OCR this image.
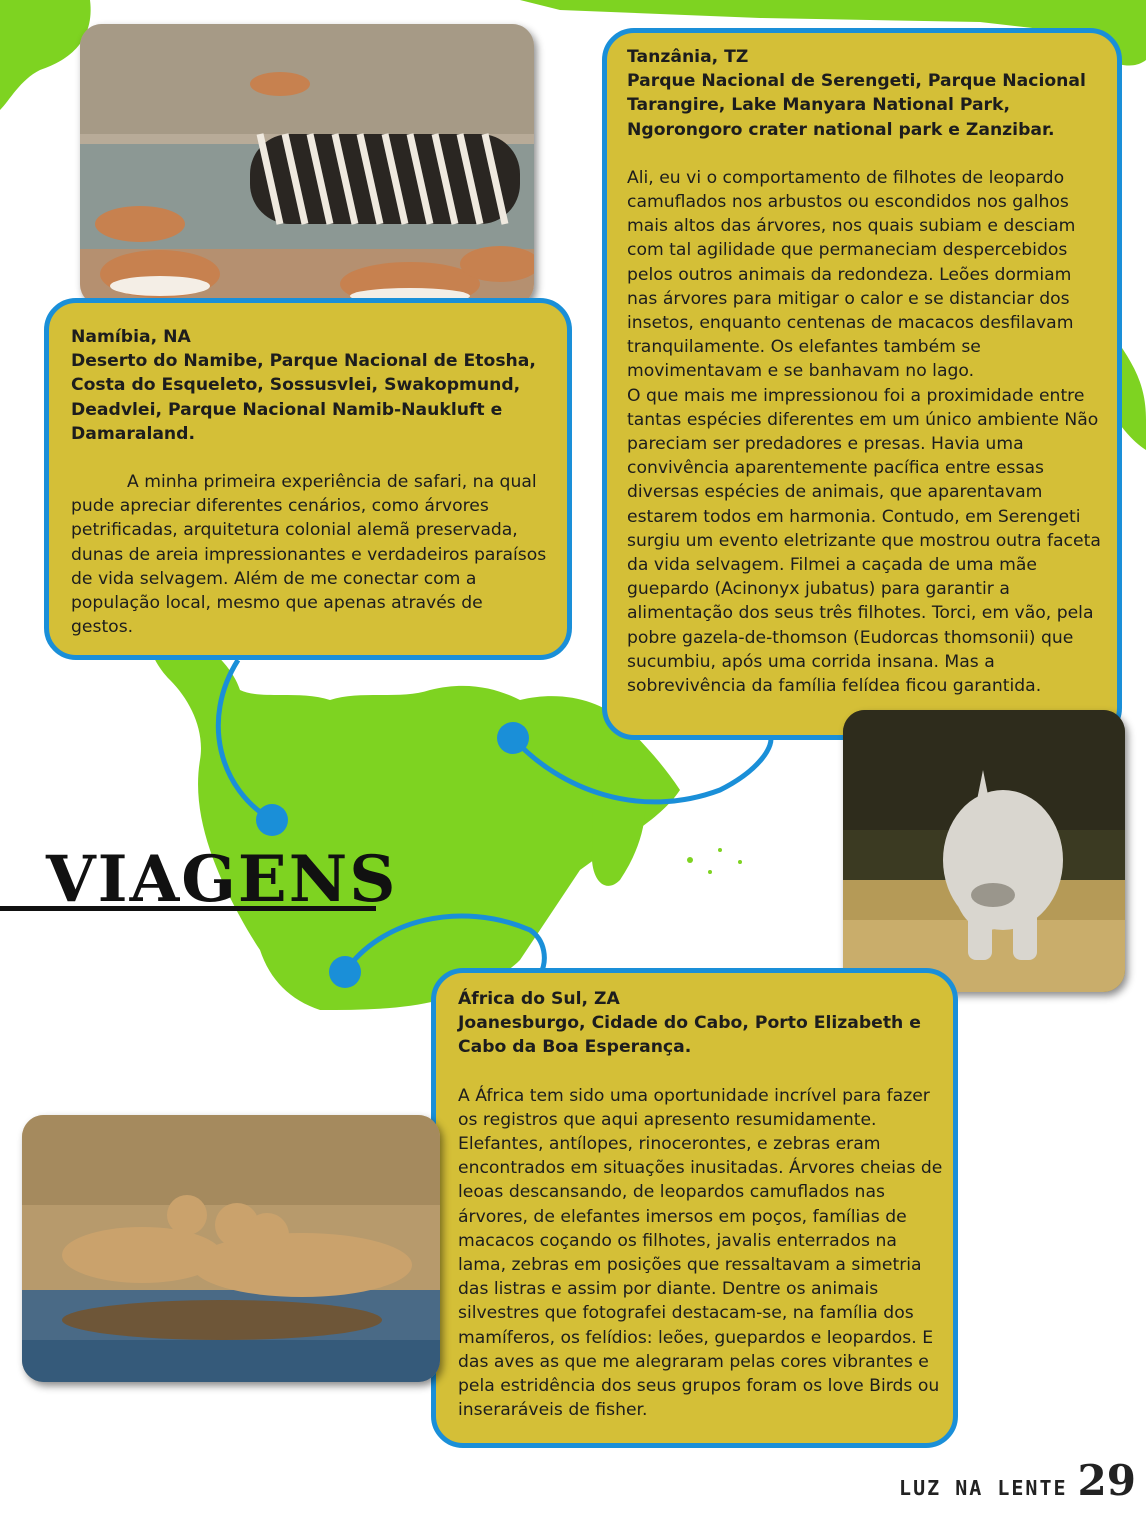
Namíbia, NA
Deserto do Namibe, Parque Nacional de Etosha, Costa do Esqueleto, Sossusvlei, Swakopmund, Deadvlei, Parque Nacional Namib-Naukluft e Damaraland.

A minha primeira experiência de safari, na qual pude apreciar diferentes cenários, como árvores petrificadas, arquitetura colonial alemã preservada, dunas de areia impressionantes e verdadeiros paraísos de vida selvagem. Além de me conectar com a população local, mesmo que apenas através de gestos.

Tanzânia, TZ
Parque Nacional de Serengeti, Parque Nacional Tarangire, Lake Manyara National Park, Ngorongoro crater national park e Zanzibar.

Ali, eu vi o comportamento de filhotes de leopardo camuflados nos arbustos ou escondidos nos galhos mais altos das árvores, nos quais subiam e desciam com tal agilidade que permaneciam despercebidos pelos outros animais da redondeza. Leões dormiam nas árvores para mitigar o calor e se distanciar dos insetos, enquanto centenas de macacos desfilavam tranquilamente. Os elefantes também se movimentavam e se banhavam no lago.

O que mais me impressionou foi a proximidade entre tantas espécies diferentes em um único ambiente Não pareciam ser predadores e presas. Havia uma convivência aparentemente pacífica entre essas diversas espécies de animais, que aparentavam estarem todos em harmonia. Contudo, em Serengeti surgiu um evento eletrizante que mostrou outra faceta da vida selvagem. Filmei a caçada de uma mãe guepardo (Acinonyx jubatus) para garantir a alimentação dos seus três filhotes. Torci, em vão, pela pobre gazela-de-thomson (Eudorcas thomsonii) que sucumbiu, após uma corrida insana. Mas a sobrevivência da família felídea ficou garantida.

VIAGENS
África do Sul, ZA
Joanesburgo, Cidade do Cabo, Porto Elizabeth e Cabo da Boa Esperança.

A África tem sido uma oportunidade incrível para fazer os registros que aqui apresento resumidamente. Elefantes, antílopes, rinocerontes, e zebras eram encontrados em situações inusitadas. Árvores cheias de leoas descansando, de leopardos camuflados nas árvores, de elefantes imersos em poços, famílias de macacos coçando os filhotes, javalis enterrados na lama, zebras em posições que ressaltavam a simetria das listras e assim por diante. Dentre os animais silvestres que fotografei destacam-se, na família dos mamíferos, os felídios: leões, guepardos e leopardos. E das aves as que me alegraram pelas cores vibrantes e pela estridência dos seus grupos foram os love Birds ou inseraráveis de fisher.

LUZ NA LENTE 29
